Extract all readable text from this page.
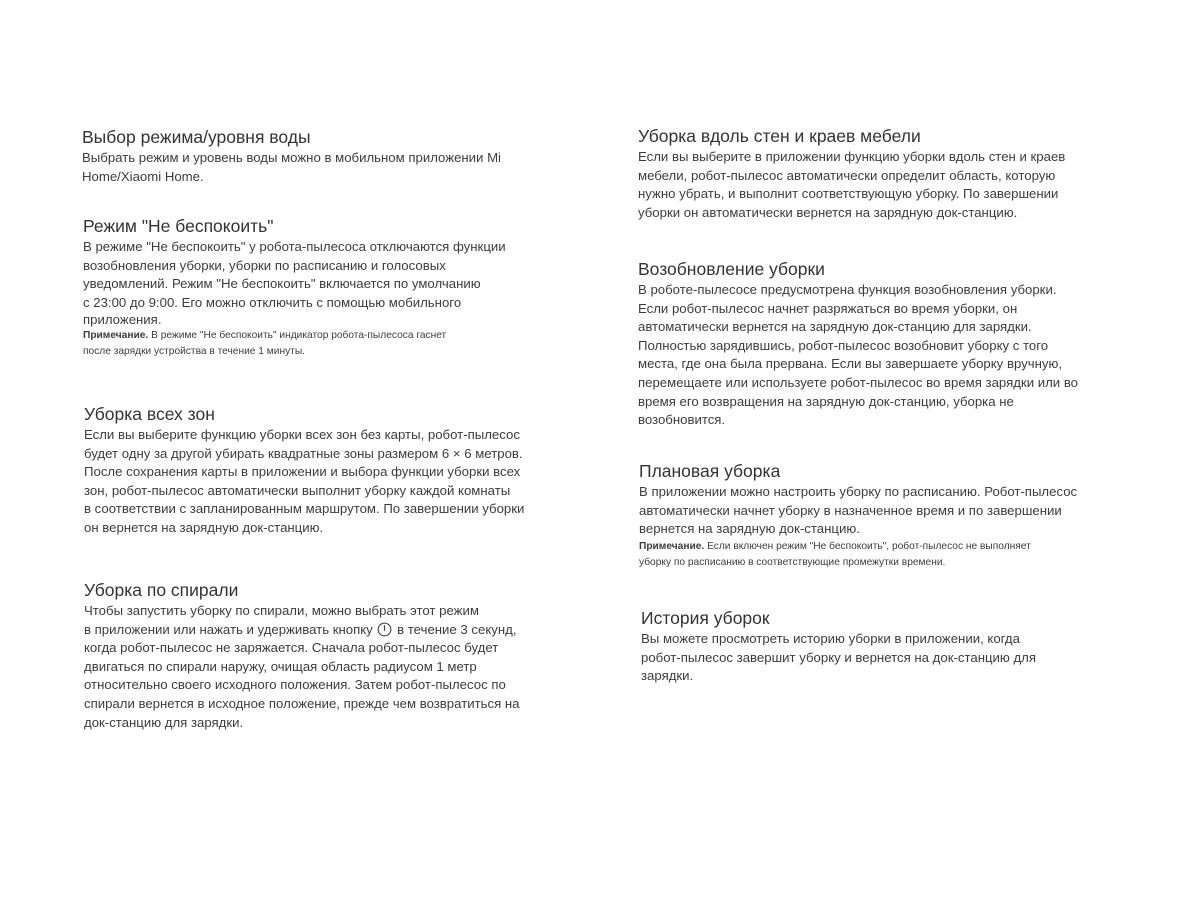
Выбор режима/уровня воды
Выбрать режим и уровень воды можно в мобильном приложении Mi
Home/Xiaomi Home.
Режим "Не беспокоить"
В режиме "Не беспокоить" у робота-пылесоса отключаются функции
возобновления уборки, уборки по расписанию и голосовых
уведомлений. Режим "Не беспокоить" включается по умолчанию
с 23:00 до 9:00. Его можно отключить с помощью мобильного
приложения.
Примечание. В режиме "Не беспокоить" индикатор робота-пылесоса гаснет
после зарядки устройства в течение 1 минуты.
Уборка всех зон
Если вы выберите функцию уборки всех зон без карты, робот-пылесос
будет одну за другой убирать квадратные зоны размером 6 × 6 метров.
После сохранения карты в приложении и выбора функции уборки всех
зон, робот-пылесос автоматически выполнит уборку каждой комнаты
в соответствии с запланированным маршрутом. По завершении уборки
он вернется на зарядную док-станцию.
Уборка по спирали
Чтобы запустить уборку по спирали, можно выбрать этот режим
в приложении или нажать и удерживать кнопку  в течение 3 секунд,
когда робот-пылесос не заряжается. Сначала робот-пылесос будет
двигаться по спирали наружу, очищая область радиусом 1 метр
относительно своего исходного положения. Затем робот-пылесос по
спирали вернется в исходное положение, прежде чем возвратиться на
док-станцию для зарядки.
Уборка вдоль стен и краев мебели
Если вы выберите в приложении функцию уборки вдоль стен и краев
мебели, робот-пылесос автоматически определит область, которую
нужно убрать, и выполнит соответствующую уборку. По завершении
уборки он автоматически вернется на зарядную док-станцию.
Возобновление уборки
В роботе-пылесосе предусмотрена функция возобновления уборки.
Если робот-пылесос начнет разряжаться во время уборки, он
автоматически вернется на зарядную док-станцию для зарядки.
Полностью зарядившись, робот-пылесос возобновит уборку с того
места, где она была прервана. Если вы завершаете уборку вручную,
перемещаете или используете робот-пылесос во время зарядки или во
время его возвращения на зарядную док-станцию, уборка не
возобновится.
Плановая уборка
В приложении можно настроить уборку по расписанию. Робот-пылесос
автоматически начнет уборку в назначенное время и по завершении
вернется на зарядную док-станцию.
Примечание. Если включен режим "Не беспокоить", робот-пылесос не выполняет
уборку по расписанию в соответствующие промежутки времени.
История уборок
Вы можете просмотреть историю уборки в приложении, когда
робот-пылесос завершит уборку и вернется на док-станцию для
зарядки.
